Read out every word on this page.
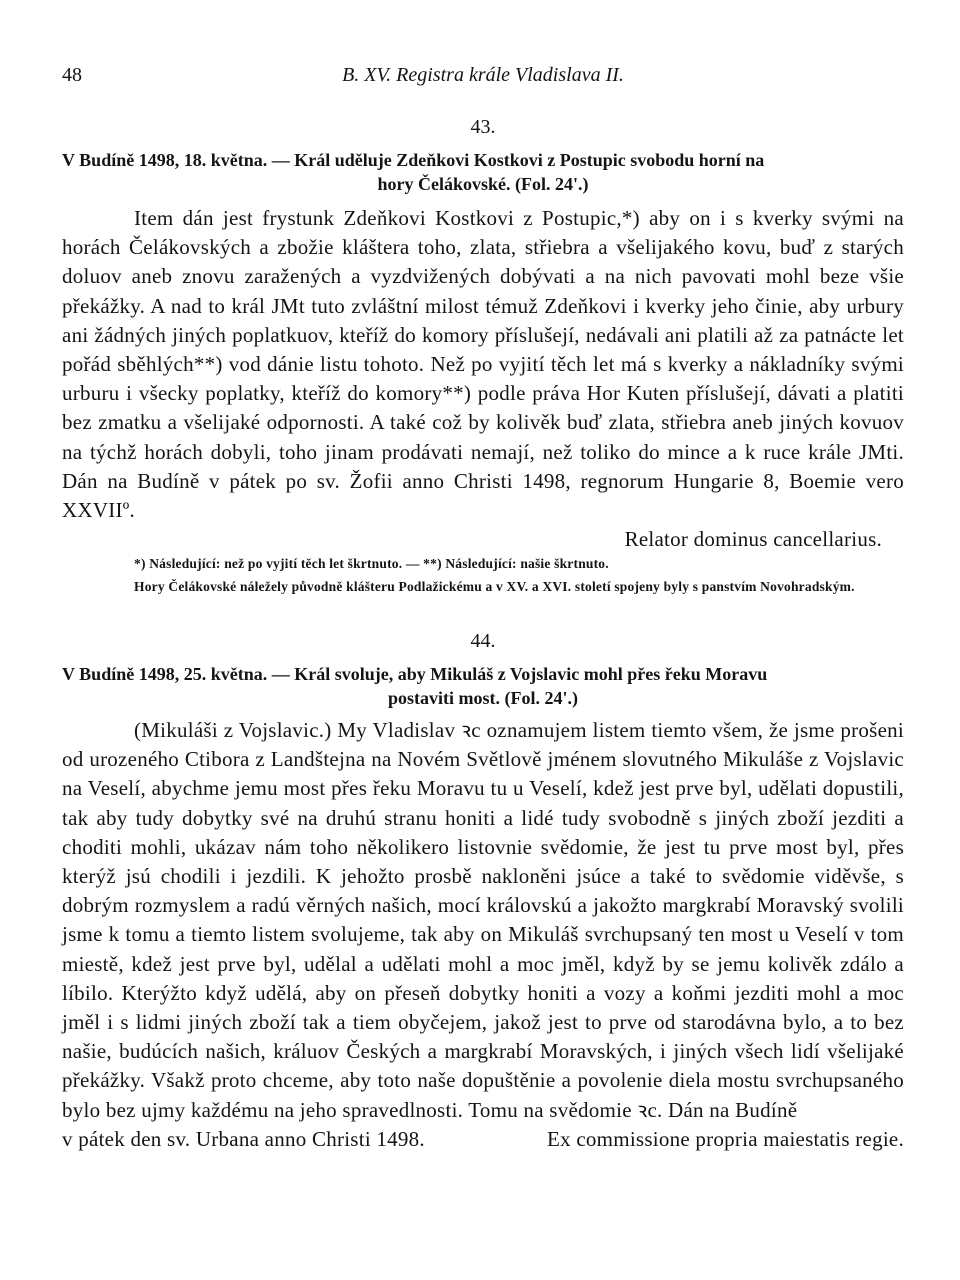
48	B. XV. Registra krále Vladislava II.
43.
V Budíně 1498, 18. května. — Král uděluje Zdeňkovi Kostkovi z Postupic svobodu horní na
hory Čelákovské. (Fol. 24'.)

Item dán jest frystunk Zdeňkovi Kostkovi z Postupic,*) aby on i s kverky svými na horách Čelákovských a zbožie kláštera toho, zlata, střiebra a všelijakého kovu, buď z starých doluov aneb znovu zaražených a vyzdvižených dobývati a na nich pavovati mohl beze všie překážky. A nad to král JMt tuto zvláštní milost témuž Zdeňkovi i kverky jeho činie, aby urbury ani žádných jiných poplatkuov, kteříž do komory příslušejí, nedávali ani platili až za patnácte let pořád sběhlých**) vod dánie listu tohoto. Než po vyjití těch let má s kverky a nákladníky svými urburu i všecky poplatky, kteříž do komory**) podle práva Hor Kuten příslušejí, dávati a platiti bez zmatku a všelijaké odpornosti. A také což by kolivěk buď zlata, střiebra aneb jiných kovuov na týchž horách dobyli, toho jinam prodávati nemají, než toliko do mince a k ruce krále JMti. Dán na Budíně v pátek po sv. Žofii anno Christi 1498, regnorum Hungarie 8, Boemie vero XXVIIº.

Relator dominus cancellarius.
*) Následující: než po vyjití těch let škrtnuto. — **) Následující: našie škrtnuto.
Hory Čelákovské náležely původně klášteru Podlažickému a v XV. a XVI. století spojeny byly s panstvím Novohradským.
44.
V Budíně 1498, 25. května. — Král svoluje, aby Mikuláš z Vojslavic mohl přes řeku Moravu
postaviti most. (Fol. 24'.)

(Mikuláši z Vojslavic.) My Vladislav ꝛc oznamujem listem tiemto všem, že jsme prošeni od urozeného Ctibora z Landštejna na Novém Světlově jménem slovutného Mikuláše z Vojslavic na Veselí, abychme jemu most přes řeku Moravu tu u Veselí, kdež jest prve byl, udělati dopustili, tak aby tudy dobytky své na druhú stranu honiti a lidé tudy svobodně s jiných zboží jezditi a choditi mohli, ukázav nám toho několikero listovnie svědomie, že jest tu prve most byl, přes kterýž jsú chodili i jezdili. K jehožto prosbě nakloněni jsúce a také to svědomie viděvše, s dobrým rozmyslem a radú věrných našich, mocí královskú a jakožto margkrabí Moravský svolili jsme k tomu a tiemto listem svolujeme, tak aby on Mikuláš svrchupsaný ten most u Veselí v tom miestě, kdež jest prve byl, udělal a udělati mohl a moc jměl, když by se jemu kolivěk zdálo a líbilo. Kterýžto když udělá, aby on přeseň dobytky honiti a vozy a koňmi jezditi mohl a moc jměl i s lidmi jiných zboží tak a tiem obyčejem, jakož jest to prve od starodávna bylo, a to bez našie, budúcích našich, králuov Českých a margkrabí Moravských, i jiných všech lidí všelijaké překážky. Všakž proto chceme, aby toto naše dopuštěnie a povolenie diela mostu svrchupsaného bylo bez ujmy každému na jeho spravedlnosti. Tomu na svědomie ꝛc. Dán na Budíně

v pátek den sv. Urbana anno Christi 1498.	Ex commissione propria maiestatis regie.
